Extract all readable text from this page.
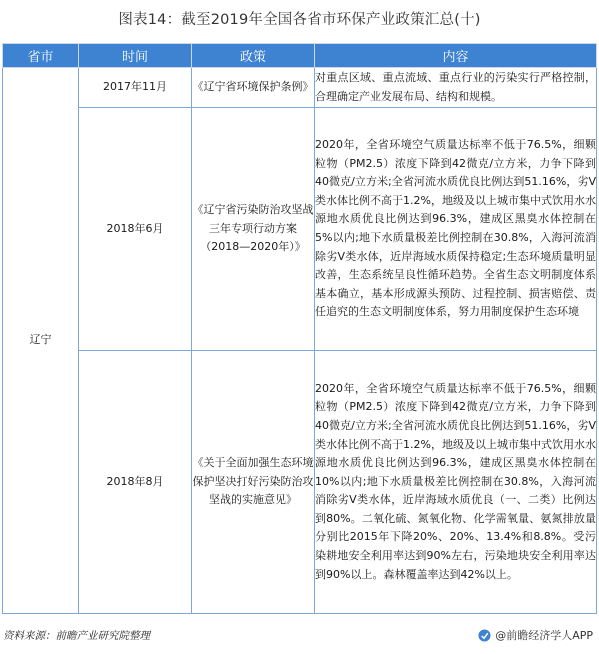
图表14：截至2019年全国各省市环保产业政策汇总(十)
省市	时间	政策	内容
辽宁	2017年11月	《辽宁省环境保护条例》	对重点区域、重点流域、重点行业的污染实行严格控制，合理确定产业发展布局、结构和规模。

	2018年6月	《辽宁省污染防治攻坚战三年专项行动方案（2018—2020年）》	2020年，全省环境空气质量达标率不低于76.5%，细颗粒物（PM2.5）浓度下降到42微克/立方米，力争下降到40微克/立方米;全省河流水质优良比例达到51.16%，劣Ⅴ类水体比例不高于1.2%，地级及以上城市集中式饮用水水源地水质优良比例达到96.3%，建成区黑臭水体控制在5%以内;地下水质量极差比例控制在30.8%，入海河流消除劣Ⅴ类水体，近岸海域水质保持稳定;生态环境质量明显改善，生态系统呈良性循环趋势。全省生态文明制度体系基本确立，基本形成源头预防、过程控制、损害赔偿、责任追究的生态文明制度体系，努力用制度保护生态环境

	2018年8月	《关于全面加强生态环境保护坚决打好污染防治攻坚战的实施意见》	2020年，全省环境空气质量达标率不低于76.5%，细颗粒物（PM2.5）浓度下降到42微克/立方米，力争下降到40微克/立方米;全省河流水质优良比例达到51.16%，劣Ⅴ类水体比例不高于1.2%，地级及以上城市集中式饮用水水源地水质优良比例达到96.3%，建成区黑臭水体控制在10%以内;地下水质量极差比例控制在30.8%，入海河流消除劣Ⅴ类水体，近岸海域水质优良（一、二类）比例达到80%。二氧化硫、氮氧化物、化学需氧量、氨氮排放量分别比2015年下降20%、20%、13.4%和8.8%。受污染耕地安全利用率达到90%左右，污染地块安全利用率达到90%以上。森林覆盖率达到42%以上。
资料来源：前瞻产业研究院整理	@前瞻经济学人APP
